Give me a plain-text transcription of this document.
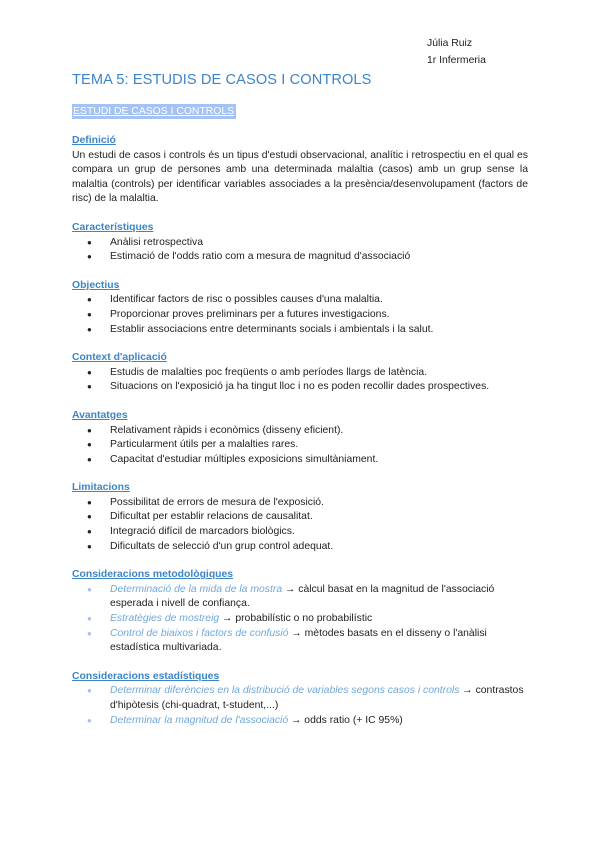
Júlia Ruiz
1r Infermeria
TEMA 5: ESTUDIS DE CASOS I CONTROLS
ESTUDI DE CASOS I CONTROLS
Definició

Un estudi de casos i controls és un tipus d'estudi observacional, analític i retrospectiu en el qual es compara un grup de persones amb una determinada malaltia (casos) amb un grup sense la malaltia (controls) per identificar variables associades a la presència/desenvolupament (factors de risc) de la malaltia.

Característiques
● Anàlisi retrospectiva
● Estimació de l'odds ratio com a mesura de magnitud d'associació
Objectius
● Identificar factors de risc o possibles causes d'una malaltia.
● Proporcionar proves preliminars per a futures investigacions.
● Establir associacions entre determinants socials i ambientals i la salut.
Context d'aplicació
● Estudis de malalties poc freqüents o amb períodes llargs de latència.
● Situacions on l'exposició ja ha tingut lloc i no es poden recollir dades prospectives.
Avantatges
● Relativament ràpids i econòmics (disseny eficient).
● Particularment útils per a malalties rares.
● Capacitat d'estudiar múltiples exposicions simultàniament.
Limitacions
● Possibilitat de errors de mesura de l'exposició.
● Dificultat per establir relacions de causalitat.
● Integració difícil de marcadors biològics.
● Dificultats de selecció d'un grup control adequat.
Consideracions metodològiques
● Determinació de la mida de la mostra → càlcul basat en la magnitud de l'associació esperada i nivell de confiança.
● Estratègies de mostreig → probabilístic o no probabilístic
● Control de biaixos i factors de confusió → mètodes basats en el disseny o l'anàlisi estadística multivariada.
Consideracions estadístiques
● Determinar diferències en la distribució de variables segons casos i controls → contrastos d'hipòtesis (chi-quadrat, t-student,...)
● Determinar la magnitud de l'associació → odds ratio (+ IC 95%)
